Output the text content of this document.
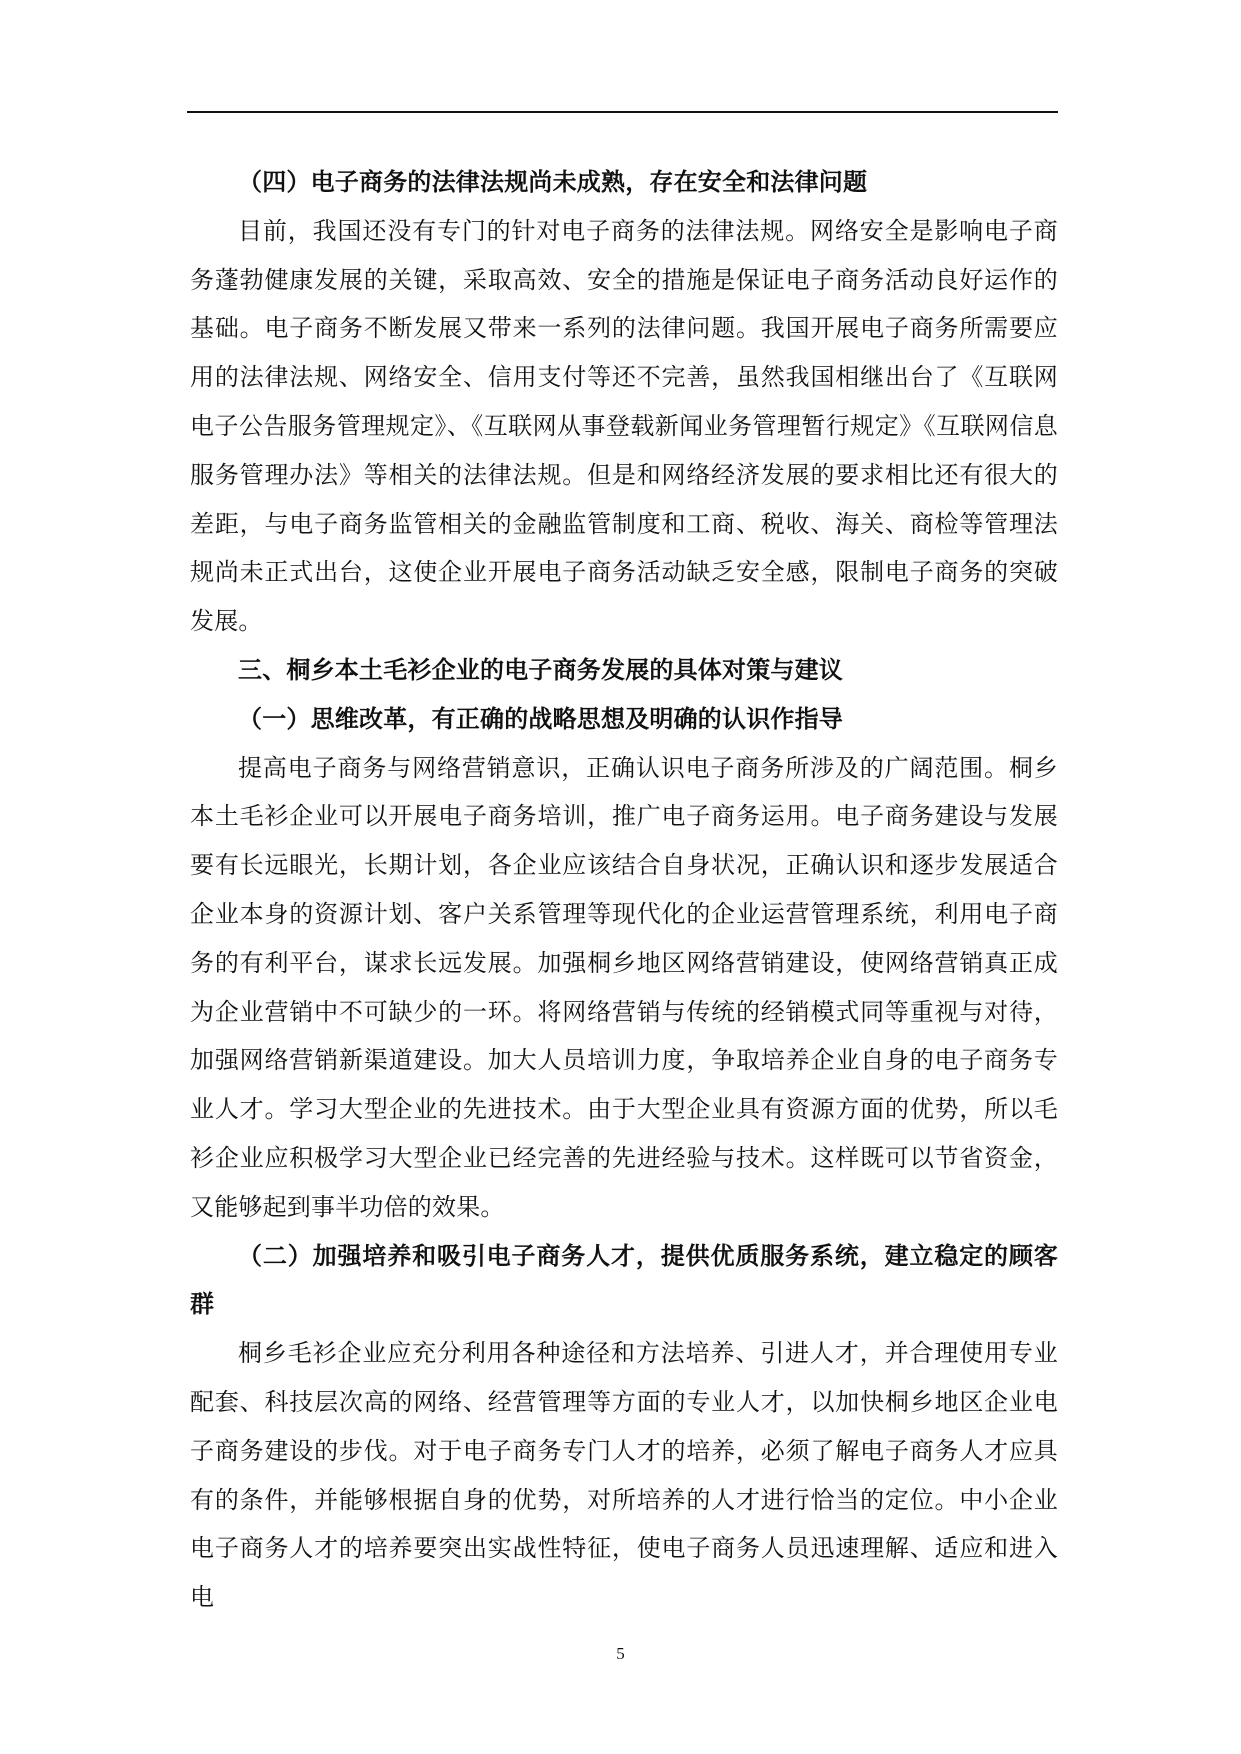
（四）电子商务的法律法规尚未成熟，存在安全和法律问题

目前，我国还没有专门的针对电子商务的法律法规。网络安全是影响电子商务蓬勃健康发展的关键，采取高效、安全的措施是保证电子商务活动良好运作的基础。电子商务不断发展又带来一系列的法律问题。我国开展电子商务所需要应用的法律法规、网络安全、信用支付等还不完善，虽然我国相继出台了《互联网电子公告服务管理规定》、《互联网从事登载新闻业务管理暂行规定》《互联网信息服务管理办法》等相关的法律法规。但是和网络经济发展的要求相比还有很大的差距，与电子商务监管相关的金融监管制度和工商、税收、海关、商检等管理法规尚未正式出台，这使企业开展电子商务活动缺乏安全感，限制电子商务的突破发展。

三、桐乡本土毛衫企业的电子商务发展的具体对策与建议
（一）思维改革，有正确的战略思想及明确的认识作指导

提高电子商务与网络营销意识，正确认识电子商务所涉及的广阔范围。桐乡本土毛衫企业可以开展电子商务培训，推广电子商务运用。电子商务建设与发展要有长远眼光，长期计划，各企业应该结合自身状况，正确认识和逐步发展适合企业本身的资源计划、客户关系管理等现代化的企业运营管理系统，利用电子商务的有利平台，谋求长远发展。加强桐乡地区网络营销建设，使网络营销真正成为企业营销中不可缺少的一环。将网络营销与传统的经销模式同等重视与对待，加强网络营销新渠道建设。加大人员培训力度，争取培养企业自身的电子商务专业人才。学习大型企业的先进技术。由于大型企业具有资源方面的优势，所以毛衫企业应积极学习大型企业已经完善的先进经验与技术。这样既可以节省资金，又能够起到事半功倍的效果。

（二）加强培养和吸引电子商务人才，提供优质服务系统，建立稳定的顾客群

桐乡毛衫企业应充分利用各种途径和方法培养、引进人才，并合理使用专业配套、科技层次高的网络、经营管理等方面的专业人才，以加快桐乡地区企业电子商务建设的步伐。对于电子商务专门人才的培养，必须了解电子商务人才应具有的条件，并能够根据自身的优势，对所培养的人才进行恰当的定位。中小企业电子商务人才的培养要突出实战性特征，使电子商务人员迅速理解、适应和进入电

5
